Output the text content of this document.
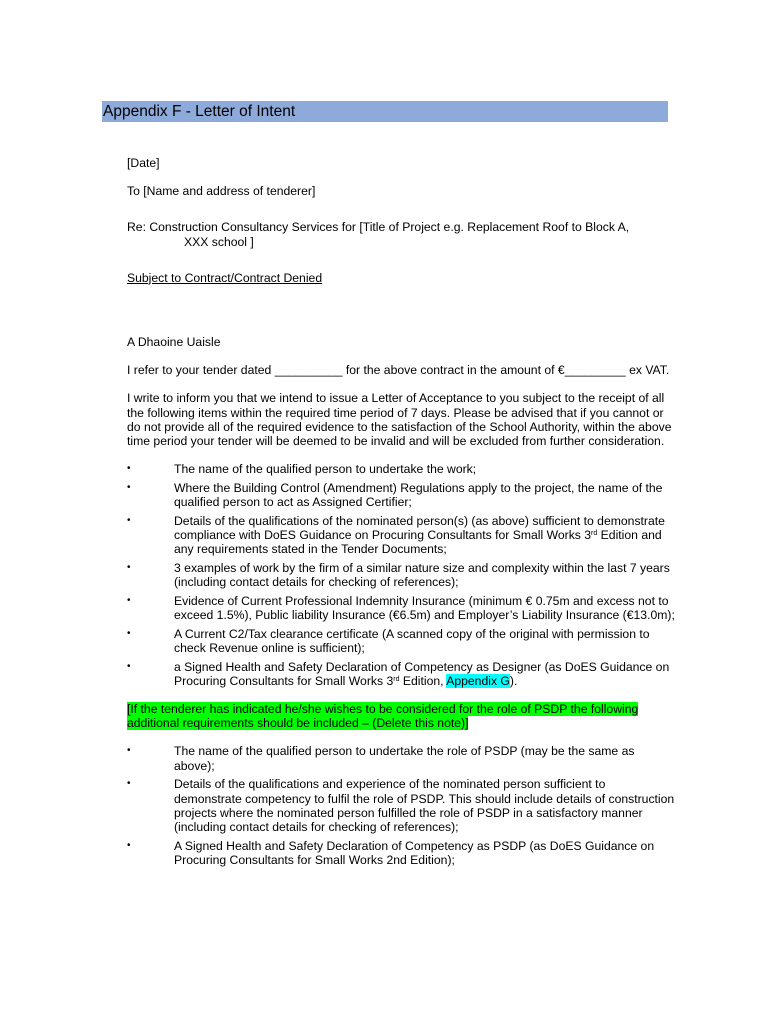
Appendix F - Letter of Intent

[Date]

To [Name and address of tenderer]

Re: Construction Consultancy Services for [Title of Project e.g. Replacement Roof to Block A,

XXX school ]

Subject to Contract/Contract Denied

A Dhaoine Uaisle

I refer to your tender dated __________ for the above contract in the amount of €_________ ex VAT.

I write to inform you that we intend to issue a Letter of Acceptance to you subject to the receipt of all the following items within the required time period of 7 days. Please be advised that if you cannot or do not provide all of the required evidence to the satisfaction of the School Authority, within the above time period your tender will be deemed to be invalid and will be excluded from further consideration.

•	The name of the qualified person to undertake the work;
•	Where the Building Control (Amendment) Regulations apply to the project, the name of the qualified person to act as Assigned Certifier;
•	Details of the qualifications of the nominated person(s) (as above) sufficient to demonstrate compliance with DoES Guidance on Procuring Consultants for Small Works 3rd Edition and any requirements stated in the Tender Documents;
•	3 examples of work by the firm of a similar nature size and complexity within the last 7 years (including contact details for checking of references);
•	Evidence of Current Professional Indemnity Insurance (minimum € 0.75m and excess not to exceed 1.5%), Public liability Insurance (€6.5m) and Employer’s Liability Insurance (€13.0m);
•	A Current C2/Tax clearance certificate (A scanned copy of the original with permission to check Revenue online is sufficient);
•	a Signed Health and Safety Declaration of Competency as Designer (as DoES Guidance on Procuring Consultants for Small Works 3rd Edition, Appendix G).

[If the tenderer has indicated he/she wishes to be considered for the role of PSDP the following additional requirements should be included – (Delete this note)]

•	The name of the qualified person to undertake the role of PSDP (may be the same as above);
•	Details of the qualifications and experience of the nominated person sufficient to demonstrate competency to fulfil the role of PSDP. This should include details of construction projects where the nominated person fulfilled the role of PSDP in a satisfactory manner (including contact details for checking of references);
•	A Signed Health and Safety Declaration of Competency as PSDP (as DoES Guidance on Procuring Consultants for Small Works 2nd Edition);
